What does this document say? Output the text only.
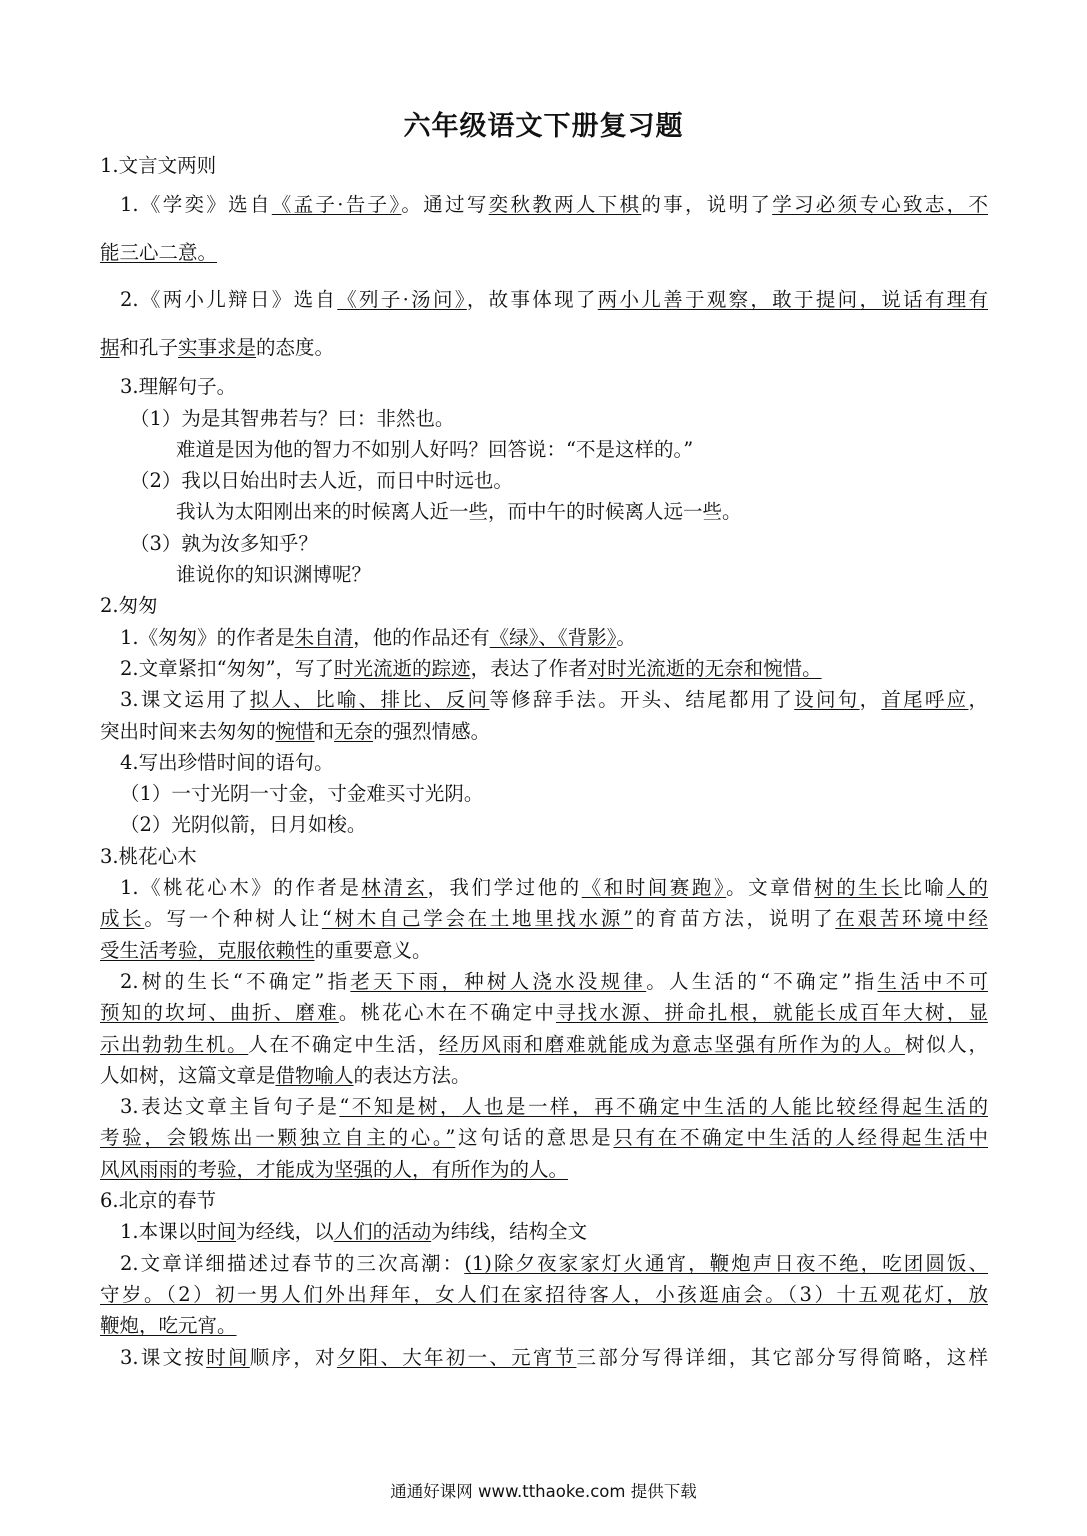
六年级语文下册复习题
1.文言文两则
1.《学奕》选自《孟子·告子》。通过写奕秋教两人下棋的事，说明了学习必须专心致志，不
能三心二意。
2.《两小儿辩日》选自《列子·汤问》，故事体现了两小儿善于观察，敢于提问，说话有理有
据和孔子实事求是的态度。
3.理解句子。
（1）为是其智弗若与？曰：非然也。
难道是因为他的智力不如别人好吗？回答说：“不是这样的。”
（2）我以日始出时去人近，而日中时远也。
我认为太阳刚出来的时候离人近一些，而中午的时候离人远一些。
（3）孰为汝多知乎？
谁说你的知识渊博呢？
2.匆匆
1.《匆匆》的作者是朱自清，他的作品还有《绿》、《背影》。
2.文章紧扣“匆匆”，写了时光流逝的踪迹，表达了作者对时光流逝的无奈和惋惜。
3.课文运用了拟人、比喻、排比、反问等修辞手法。开头、结尾都用了设问句，首尾呼应，
突出时间来去匆匆的惋惜和无奈的强烈情感。
4.写出珍惜时间的语句。
（1）一寸光阴一寸金，寸金难买寸光阴。
（2）光阴似箭，日月如梭。
3.桃花心木
1.《桃花心木》的作者是林清玄，我们学过他的《和时间赛跑》。文章借树的生长比喻人的
成长。写一个种树人让“树木自己学会在土地里找水源”的育苗方法，说明了在艰苦环境中经
受生活考验，克服依赖性的重要意义。
2.树的生长“不确定”指老天下雨，种树人浇水没规律。人生活的“不确定”指生活中不可
预知的坎坷、曲折、磨难。桃花心木在不确定中寻找水源、拼命扎根，就能长成百年大树，显
示出勃勃生机。人在不确定中生活，经历风雨和磨难就能成为意志坚强有所作为的人。树似人，
人如树，这篇文章是借物喻人的表达方法。
3.表达文章主旨句子是“不知是树，人也是一样，再不确定中生活的人能比较经得起生活的
考验，会锻炼出一颗独立自主的心。”这句话的意思是只有在不确定中生活的人经得起生活中
风风雨雨的考验，才能成为坚强的人，有所作为的人。
6.北京的春节
1.本课以时间为经线，以人们的活动为纬线，结构全文
2.文章详细描述过春节的三次高潮：(1)除夕夜家家灯火通宵，鞭炮声日夜不绝，吃团圆饭、
守岁。（2）初一男人们外出拜年，女人们在家招待客人，小孩逛庙会。（3）十五观花灯，放
鞭炮，吃元宵。
3.课文按时间顺序，对夕阳、大年初一、元宵节三部分写得详细，其它部分写得简略，这样
通通好课网 www.tthaoke.com 提供下载
